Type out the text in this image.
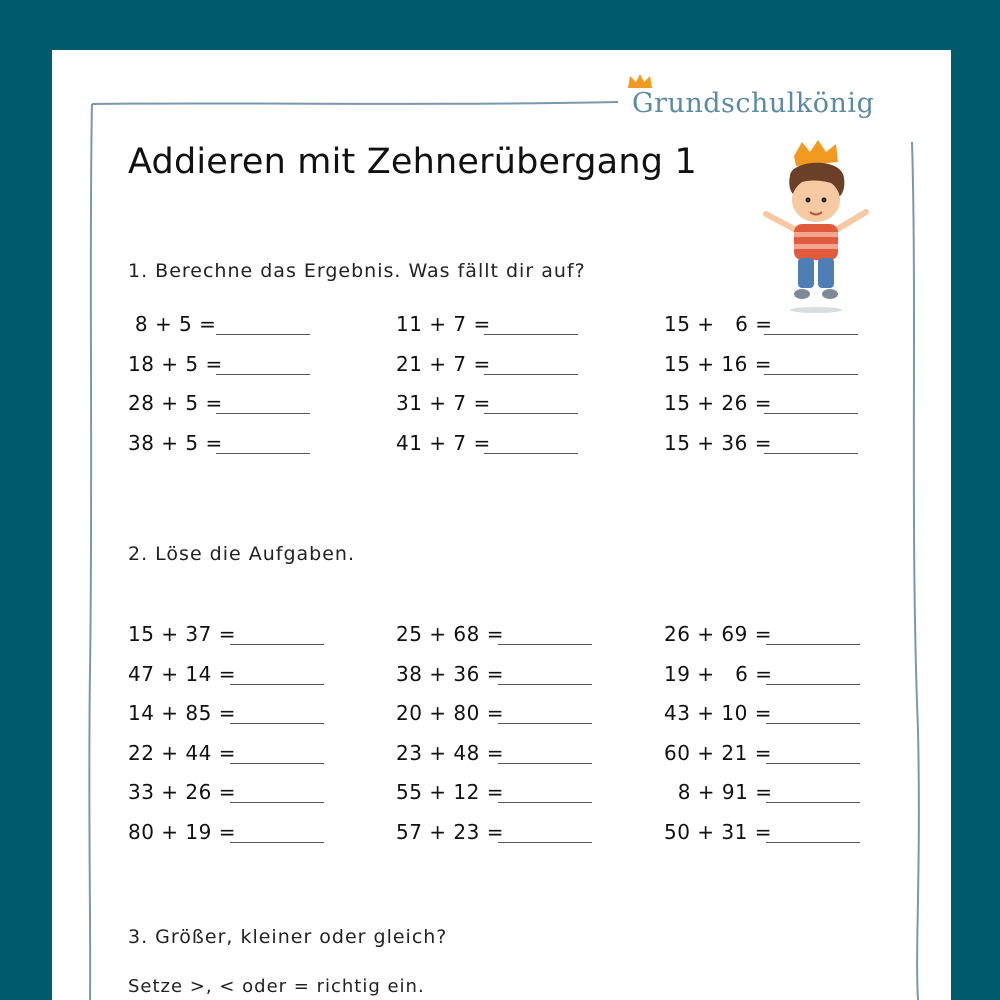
Grundschulkönig
Addieren mit Zehnerübergang 1
1. Berechne das Ergebnis. Was fällt dir auf?
8 + 5 =	11 + 7 =	15 +   6 =
18 + 5 =	21 + 7 =	15 + 16 =
28 + 5 =	31 + 7 =	15 + 26 =
38 + 5 =	41 + 7 =	15 + 36 =
2. Löse die Aufgaben.
15 + 37 =	25 + 68 =	26 + 69 =
47 + 14 =	38 + 36 =	19 +   6 =
14 + 85 =	20 + 80 =	43 + 10 =
22 + 44 =	23 + 48 =	60 + 21 =
33 + 26 =	55 + 12 =	8 + 91 =
80 + 19 =	57 + 23 =	50 + 31 =
3. Größer, kleiner oder gleich?
Setze >, < oder = richtig ein.
